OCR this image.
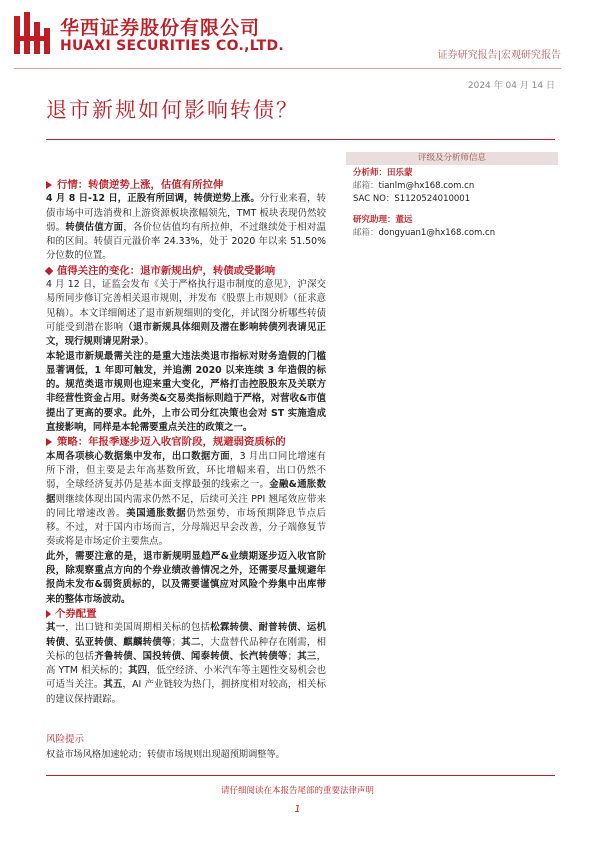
华西证券股份有限公司
HUAXI SECURITIES CO.,LTD.
证券研究报告|宏观研究报告
2024 年 04 月 14 日
退市新规如何影响转债？
评级及分析师信息
分析师：田乐蒙
邮箱：tianlm@hx168.com.cn
SAC NO：S1120524010001
研究助理：董远
邮箱：dongyuan1@hx168.com.cn
行情：转债逆势上涨，估值有所拉伸

4 月 8 日-12 日，正股有所回调，转债逆势上涨。分行业来看，转债市场中可选消费和上游资源板块涨幅领先，TMT 板块表现仍然较弱。转债估值方面，各价位估值均有所拉伸，不过继续处于相对温和的区间。转债百元溢价率 24.33%，处于 2020 年以来 51.50%分位数的位置。

值得关注的变化：退市新规出炉，转债或受影响

4 月 12 日，证监会发布《关于严格执行退市制度的意见》，沪深交易所同步修订完善相关退市规则，并发布《股票上市规则》（征求意见稿）。本文详细阐述了退市新规细则的变化，并试图分析哪些转债可能受到潜在影响（退市新规具体细则及潜在影响转债列表请见正文，现行规则请见附录）。

本轮退市新规最需关注的是重大违法类退市指标对财务造假的门槛显著调低，1 年即可触发，并追溯 2020 以来连续 3 年造假的标的。规范类退市规则也迎来重大变化，严格打击控股股东及关联方非经营性资金占用。财务类&交易类指标则趋于严格，对营收&市值提出了更高的要求。此外，上市公司分红决策也会对 ST 实施造成直接影响，同样是本轮需要重点关注的政策之一。

策略：年报季逐步迈入收官阶段，规避弱资质标的

本周各项核心数据集中发布，出口数据方面，3 月出口同比增速有所下滑，但主要是去年高基数所致，环比增幅来看，出口仍然不弱，全球经济复苏仍是基本面支撑最强的线索之一。金融&通胀数据则继续体现出国内需求仍然不足，后续可关注 PPI 翘尾效应带来的同比增速改善。美国通胀数据仍然强势，市场预期降息节点后移。不过，对于国内市场而言，分母端迟早会改善，分子端修复节奏或将是市场定价主要焦点。

此外，需要注意的是，退市新规明显趋严&业绩期逐步迈入收官阶段，除观察重点方向的个券业绩改善情况之外，还需要尽量规避年报尚未发布&弱资质标的，以及需要谨慎应对风险个券集中出库带来的整体市场波动。

个券配置

其一，出口链和美国周期相关标的包括松霖转债、耐普转债、运机转债、弘亚转债、麒麟转债等；其二，大盘替代品种存在刚需，相关标的包括齐鲁转债、国投转债、闻泰转债、长汽转债等；其三，高 YTM 相关标的；其四，低空经济、小米汽车等主题性交易机会也可适当关注。其五，AI 产业链较为热门，拥挤度相对较高，相关标的建议保持跟踪。

风险提示
权益市场风格加速轮动；转债市场规则出现超预期调整等。
请仔细阅读在本报告尾部的重要法律声明
1
